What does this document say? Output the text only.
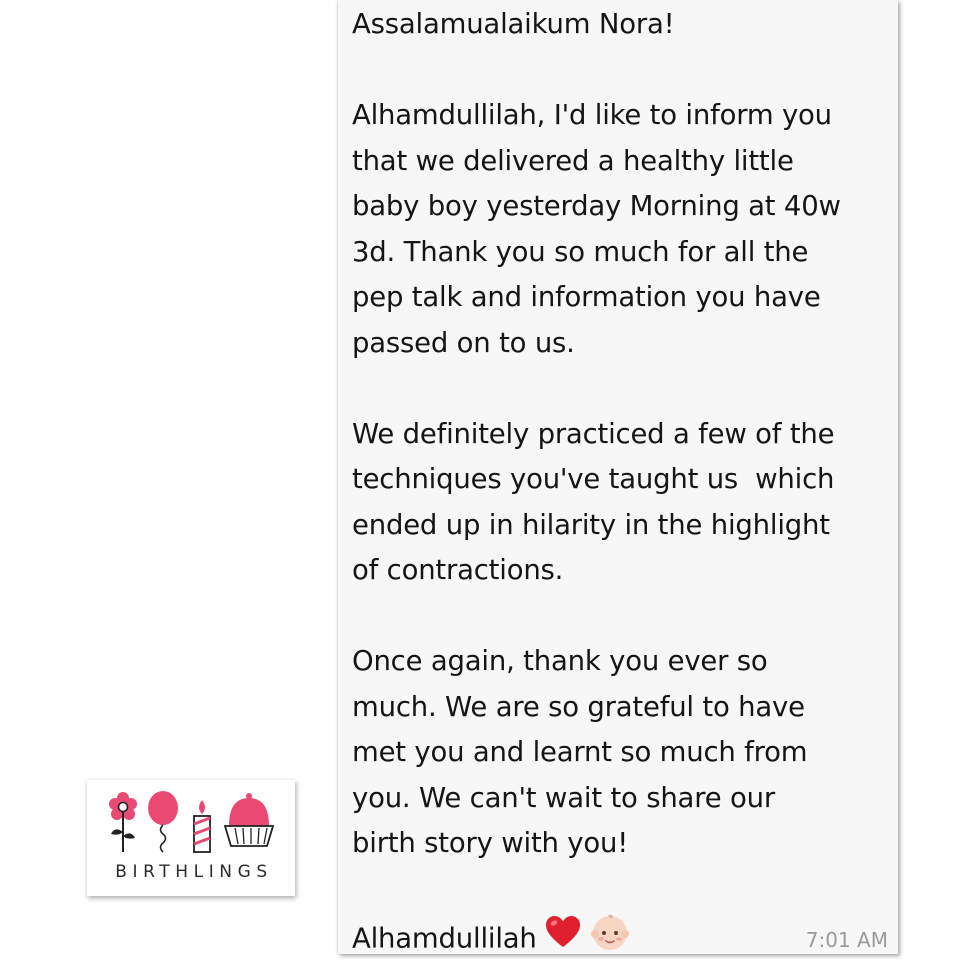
Assalamualaikum Nora!

Alhamdullilah, I'd like to inform you

that we delivered a healthy little

baby boy yesterday Morning at 40w

3d. Thank you so much for all the

pep talk and information you have

passed on to us.

We definitely practiced a few of the

techniques you've taught us  which

ended up in hilarity in the highlight

of contractions.

Once again, thank you ever so

much. We are so grateful to have

met you and learnt so much from

you. We can't wait to share our

birth story with you!

Alhamdullilah	7:01 AM
BIRTHLINGS
